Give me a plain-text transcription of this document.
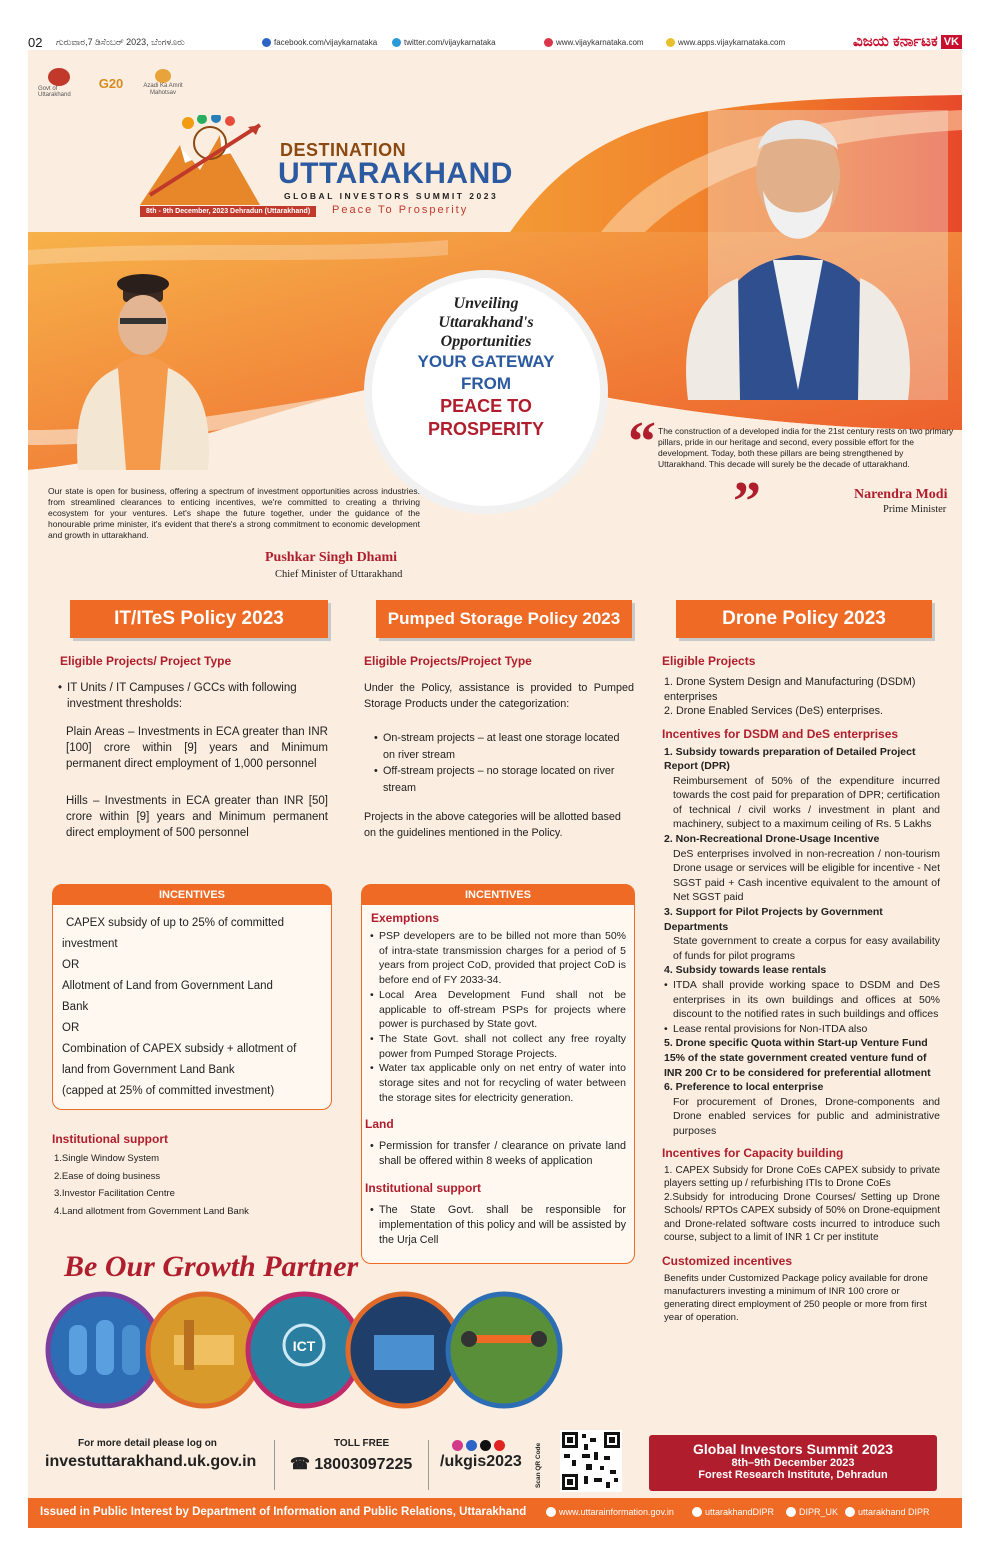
02 ಗುರುವಾರ,7 ಡಿಸೆಂಬರ್ 2023, ಬೆಂಗಳೂರು	facebook.com/vijaykarnataka	twitter.com/vijaykarnataka	www.vijaykarnataka.com	www.apps.vijaykarnataka.com	ವಿಜಯ ಕರ್ನಾಟಕ VK
Govt of Uttarakhand
G20	Azadi Ka Amrit Mahotsav
DESTINATION
UTTARAKHAND
GLOBAL INVESTORS SUMMIT 2023
8th - 9th December, 2023 Dehradun (Uttarakhand)	Peace To Prosperity
Unveiling
Uttarakhand's
Opportunities
YOUR GATEWAY
FROM
PEACE TO
PROSPERITY	“ The construction of a developed india for the 21st century rests on two primary pillars, pride in our heritage and second, every possible effort for the development. Today, both these pillars are being strengthened by Uttarakhand. This decade will surely be the decade of uttarakhand.
”	Narendra Modi
Prime Minister
Our state is open for business, offering a spectrum of investment opportunities across industries. from streamlined clearances to enticing incentives, we're committed to creating a thriving ecosystem for your ventures. Let's shape the future together, under the guidance of the honourable prime minister, it's evident that there's a strong commitment to economic development and growth in uttarakhand.
Pushkar Singh Dhami
Chief Minister of Uttarakhand
IT/ITeS Policy 2023
Eligible Projects/ Project Type
• IT Units / IT Campuses / GCCs with following investment thresholds:
Plain Areas – Investments in ECA greater than INR [100] crore within [9] years and Minimum permanent direct employment of 1,000 personnel
Hills – Investments in ECA greater than INR [50] crore within [9] years and Minimum permanent direct employment of 500 personnel
INCENTIVES
CAPEX subsidy of up to 25% of committed
investment
OR
Allotment of Land from Government Land
Bank
OR
Combination of CAPEX subsidy + allotment of
land from Government Land Bank
(capped at 25% of committed investment)
Institutional support
1.Single Window System
2.Ease of doing business
3.Investor Facilitation Centre
4.Land allotment from Government Land Bank
Pumped Storage Policy 2023
Eligible Projects/Project Type
Under the Policy, assistance is provided to Pumped Storage Products under the categorization:
• On-stream projects – at least one storage located on river stream
• Off-stream projects – no storage located on river stream
Projects in the above categories will be allotted based on the guidelines mentioned in the Policy.
INCENTIVES
Exemptions
• PSP developers are to be billed not more than 50% of intra-state transmission charges for a period of 5 years from project CoD, provided that project CoD is before end of FY 2033-34.
• Local Area Development Fund shall not be applicable to off-stream PSPs for projects where power is purchased by State govt.
• The State Govt. shall not collect any free royalty power from Pumped Storage Projects.
• Water tax applicable only on net entry of water into storage sites and not for recycling of water between the storage sites for electricity generation.
Land
• Permission for transfer / clearance on private land shall be offered within 8 weeks of application
Institutional support
• The State Govt. shall be responsible for implementation of this policy and will be assisted by the Urja Cell
Drone Policy 2023
Eligible Projects
1. Drone System Design and Manufacturing (DSDM) enterprises
2. Drone Enabled Services (DeS) enterprises.
Incentives for DSDM and DeS enterprises
1. Subsidy towards preparation of Detailed Project Report (DPR)
Reimbursement of 50% of the expenditure incurred towards the cost paid for preparation of DPR; certification of technical / civil works / investment in plant and machinery, subject to a maximum ceiling of Rs. 5 Lakhs
2. Non-Recreational Drone-Usage Incentive
DeS enterprises involved in non-recreation / non-tourism Drone usage or services will be eligible for incentive - Net SGST paid + Cash incentive equivalent to the amount of Net SGST paid
3. Support for Pilot Projects by Government Departments
State government to create a corpus for easy availability of funds for pilot programs
4. Subsidy towards lease rentals
• ITDA shall provide working space to DSDM and DeS enterprises in its own buildings and offices at 50% discount to the notified rates in such buildings and offices
• Lease rental provisions for Non-ITDA also
5. Drone specific Quota within Start-up Venture Fund 15% of the state government created venture fund of INR 200 Cr to be considered for preferential allotment
6. Preference to local enterprise
For procurement of Drones, Drone-components and Drone enabled services for public and administrative purposes
Incentives for Capacity building
1. CAPEX Subsidy for Drone CoEs CAPEX subsidy to private players setting up / refurbishing ITIs to Drone CoEs
2.Subsidy for introducing Drone Courses/ Setting up Drone Schools/ RPTOs CAPEX subsidy of 50% on Drone-equipment and Drone-related software costs incurred to introduce such course, subject to a limit of INR 1 Cr per institute
Customized incentives
Benefits under Customized Package policy available for drone manufacturers investing a minimum of INR 100 crore or generating direct employment of 250 people or more from first year of operation.
Be Our Growth Partner
ICT
For more detail please log on
investuttarakhand.uk.gov.in
TOLL FREE
☎ 18003097225 /ukgis2023 Scan QR Code	Global Investors Summit 2023
8th–9th December 2023
Forest Research Institute, Dehradun
Issued in Public Interest by Department of Information and Public Relations, Uttarakhand	www.uttarainformation.gov.in	uttarakhandDIPR	DIPR_UK uttarakhand DIPR
